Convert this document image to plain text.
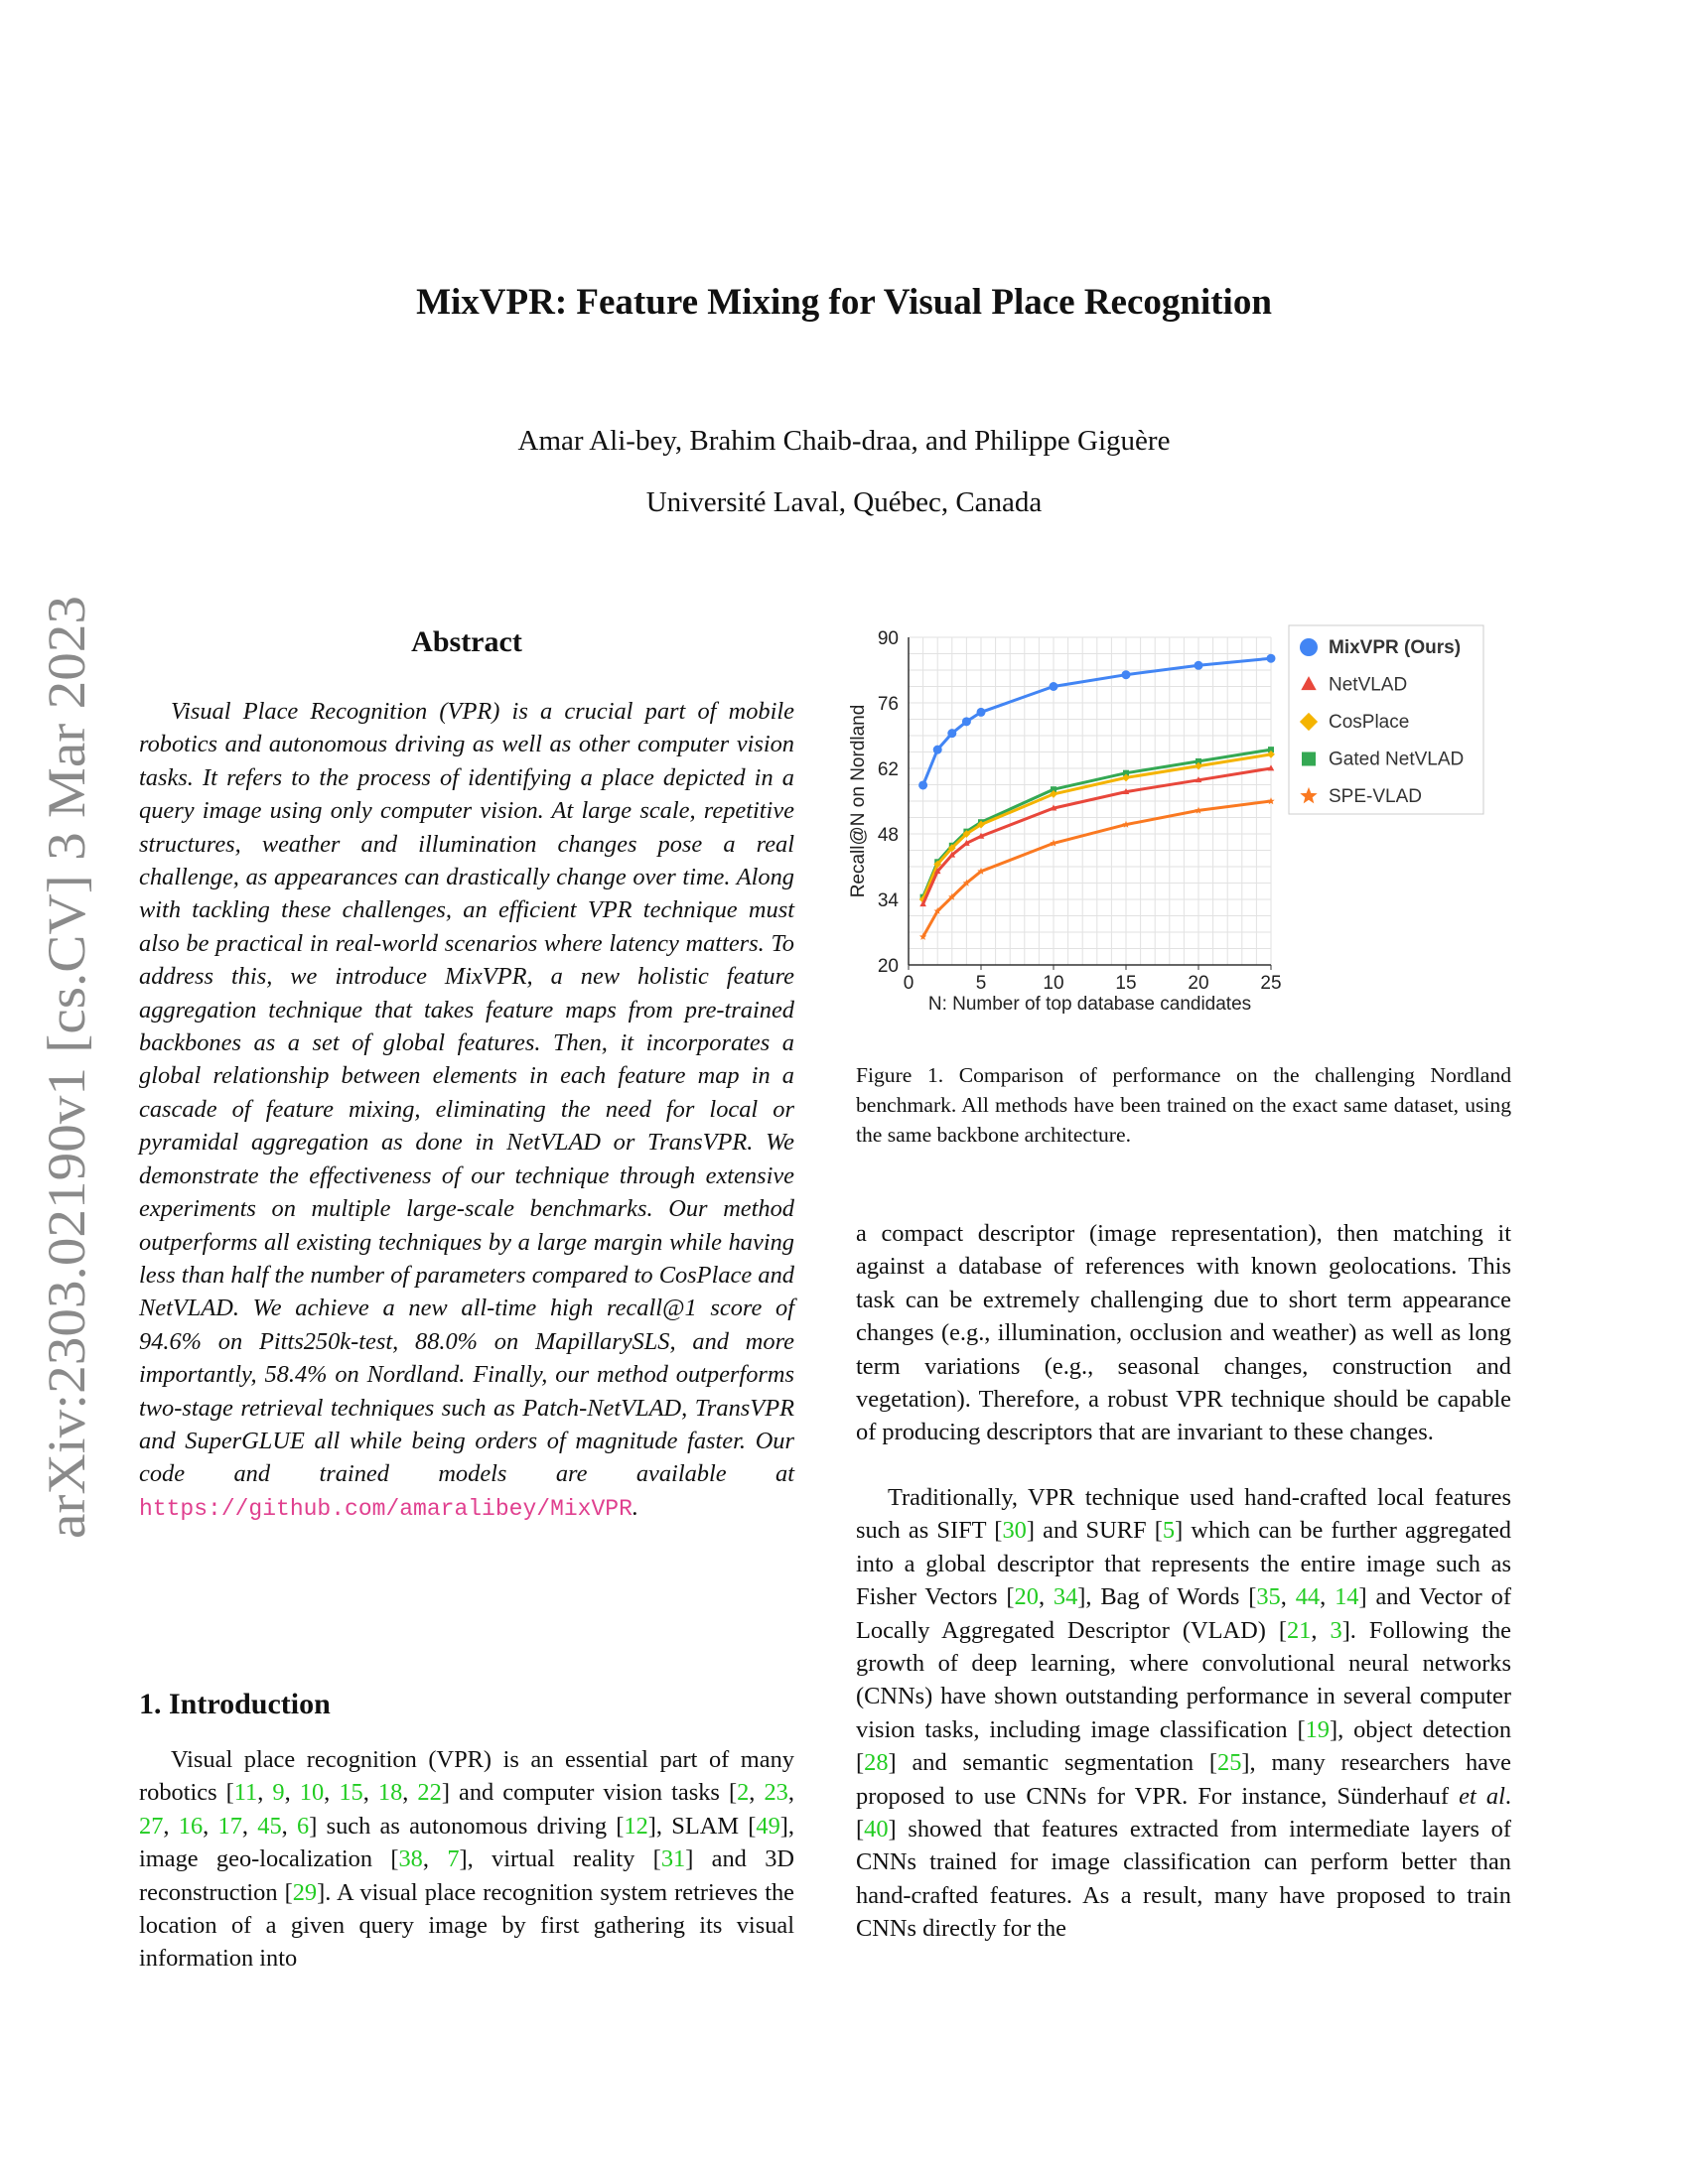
arXiv:2303.02190v1 [cs.CV] 3 Mar 2023
MixVPR: Feature Mixing for Visual Place Recognition
Amar Ali-bey, Brahim Chaib-draa, and Philippe Giguère
Université Laval, Québec, Canada
Abstract

Visual Place Recognition (VPR) is a crucial part of mobile robotics and autonomous driving as well as other computer vision tasks. It refers to the process of identifying a place depicted in a query image using only computer vision. At large scale, repetitive structures, weather and illumination changes pose a real challenge, as appearances can drastically change over time. Along with tackling these challenges, an efficient VPR technique must also be practical in real-world scenarios where latency matters. To address this, we introduce MixVPR, a new holistic feature aggregation technique that takes feature maps from pre-trained backbones as a set of global features. Then, it incorporates a global relationship between elements in each feature map in a cascade of feature mixing, eliminating the need for local or pyramidal aggregation as done in NetVLAD or TransVPR. We demonstrate the effectiveness of our technique through extensive experiments on multiple large-scale benchmarks. Our method outperforms all existing techniques by a large margin while having less than half the number of parameters compared to CosPlace and NetVLAD. We achieve a new all-time high recall@1 score of 94.6% on Pitts250k-test, 88.0% on MapillarySLS, and more importantly, 58.4% on Nordland. Finally, our method outperforms two-stage retrieval techniques such as Patch-NetVLAD, TransVPR and SuperGLUE all while being orders of magnitude faster. Our code and trained models are available at https://github.com/amaralibey/MixVPR.

1. Introduction

Visual place recognition (VPR) is an essential part of many robotics [11, 9, 10, 15, 18, 22] and computer vision tasks [2, 23, 27, 16, 17, 45, 6] such as autonomous driving [12], SLAM [49], image geo-localization [38, 7], virtual reality [31] and 3D reconstruction [29]. A visual place recognition system retrieves the location of a given query image by first gathering its visual information into

0	5	10	15	20	25
20
34
48
62
76
90
N: Number of top database candidates
Recall@N on Nordland
MixVPR (Ours)
NetVLAD
CosPlace
Gated NetVLAD
SPE-VLAD

Figure 1. Comparison of performance on the challenging Nordland benchmark. All methods have been trained on the exact same dataset, using the same backbone architecture.

a compact descriptor (image representation), then matching it against a database of references with known geolocations. This task can be extremely challenging due to short term appearance changes (e.g., illumination, occlusion and weather) as well as long term variations (e.g., seasonal changes, construction and vegetation). Therefore, a robust VPR technique should be capable of producing descriptors that are invariant to these changes.

Traditionally, VPR technique used hand-crafted local features such as SIFT [30] and SURF [5] which can be further aggregated into a global descriptor that represents the entire image such as Fisher Vectors [20, 34], Bag of Words [35, 44, 14] and Vector of Locally Aggregated Descriptor (VLAD) [21, 3]. Following the growth of deep learning, where convolutional neural networks (CNNs) have shown outstanding performance in several computer vision tasks, including image classification [19], object detection [28] and semantic segmentation [25], many researchers have proposed to use CNNs for VPR. For instance, Sünderhauf et al. [40] showed that features extracted from intermediate layers of CNNs trained for image classification can perform better than hand-crafted features. As a result, many have proposed to train CNNs directly for the
